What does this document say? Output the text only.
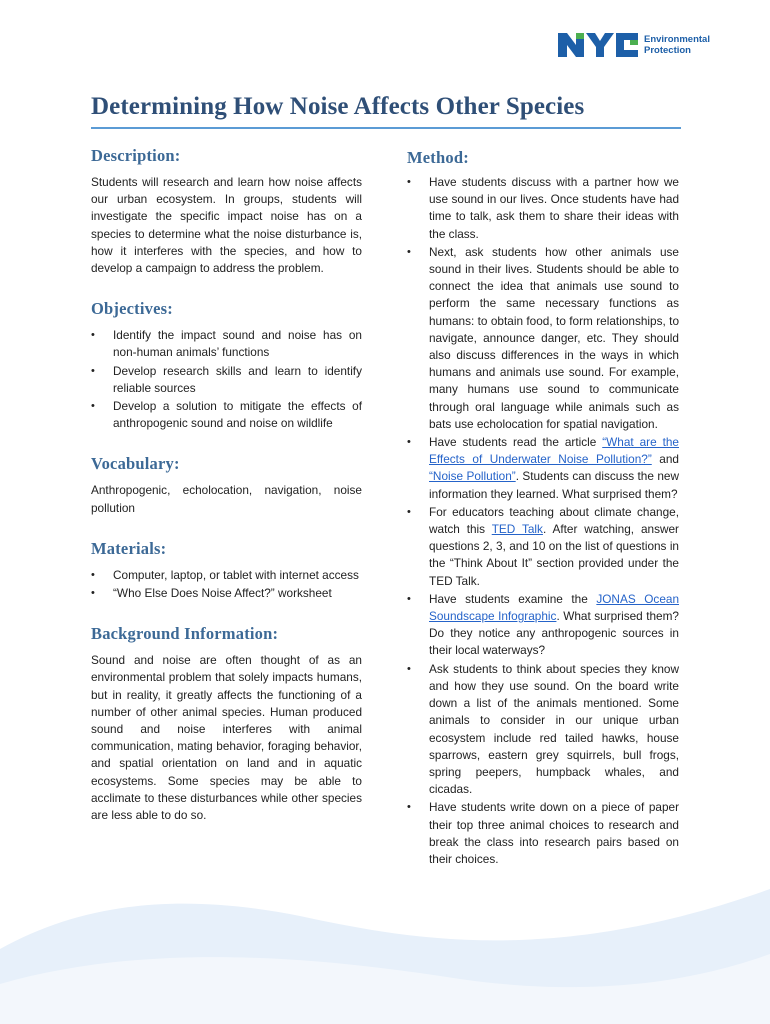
Environmental
Protection
Determining How Noise Affects Other Species
Description:

Students will research and learn how noise affects our urban ecosystem. In groups, students will investigate the specific impact noise has on a species to determine what the noise disturbance is, how it interferes with the species, and how to develop a campaign to address the problem.

Objectives:
• Identify the impact sound and noise has on non-human animals’ functions
• Develop research skills and learn to identify reliable sources
• Develop a solution to mitigate the effects of anthropogenic sound and noise on wildlife
Vocabulary:

Anthropogenic, echolocation, navigation, noise pollution

Materials:
• Computer, laptop, or tablet with internet access
• “Who Else Does Noise Affect?” worksheet
Background Information:

Sound and noise are often thought of as an environmental problem that solely impacts humans, but in reality, it greatly affects the functioning of a number of other animal species. Human produced sound and noise interferes with animal communication, mating behavior, foraging behavior, and spatial orientation on land and in aquatic ecosystems. Some species may be able to acclimate to these disturbances while other species are less able to do so.

Method:
• Have students discuss with a partner how we use sound in our lives. Once students have had time to talk, ask them to share their ideas with the class.
• Next, ask students how other animals use sound in their lives. Students should be able to connect the idea that animals use sound to perform the same necessary functions as humans: to obtain food, to form relationships, to navigate, announce danger, etc. They should also discuss differences in the ways in which humans and animals use sound. For example, many humans use sound to communicate through oral language while animals such as bats use echolocation for spatial navigation.
• Have students read the article “What are the Effects of Underwater Noise Pollution?” and “Noise Pollution”. Students can discuss the new information they learned. What surprised them?
• For educators teaching about climate change, watch this TED Talk. After watching, answer questions 2, 3, and 10 on the list of questions in the “Think About It” section provided under the TED Talk.
• Have students examine the JONAS Ocean Soundscape Infographic. What surprised them? Do they notice any anthropogenic sources in their local waterways?
• Ask students to think about species they know and how they use sound. On the board write down a list of the animals mentioned. Some animals to consider in our unique urban ecosystem include red tailed hawks, house sparrows, eastern grey squirrels, bull frogs, spring peepers, humpback whales, and cicadas.
• Have students write down on a piece of paper their top three animal choices to research and break the class into research pairs based on their choices.
